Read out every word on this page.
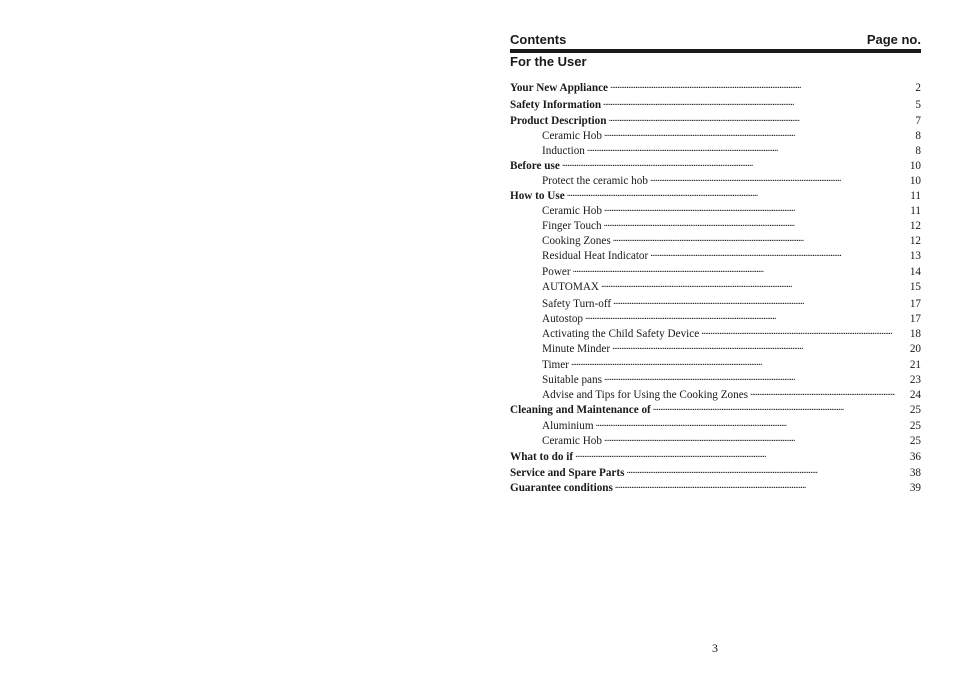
Contents	Page no.
For the User
Your New Appliance . . .	2
Safety Information . . .	5
Product Description . . .	7
Ceramic Hob . . .	8
Induction . . .	8
Before use . . .	10
Protect the ceramic hob . . .	10
How to Use . . .	11
Ceramic Hob . . .	11
Finger Touch . . .	12
Cooking Zones . . .	12
Residual Heat Indicator . . .	13
Power . . .	14
AUTOMAX . . .	15
Safety Turn-off . . .	17
Autostop . . .	17
Activating the Child Safety Device . . .	18
Minute Minder . . .	20
Timer . . .	21
Suitable pans . . .	23
Advise and Tips for Using the Cooking Zones . . .	24
Cleaning and Maintenance of . . .	25
Aluminium . . .	25
Ceramic Hob . . .	25
What to do if . . .	36
Service and Spare Parts . . .	38
Guarantee conditions . . .	39
3
